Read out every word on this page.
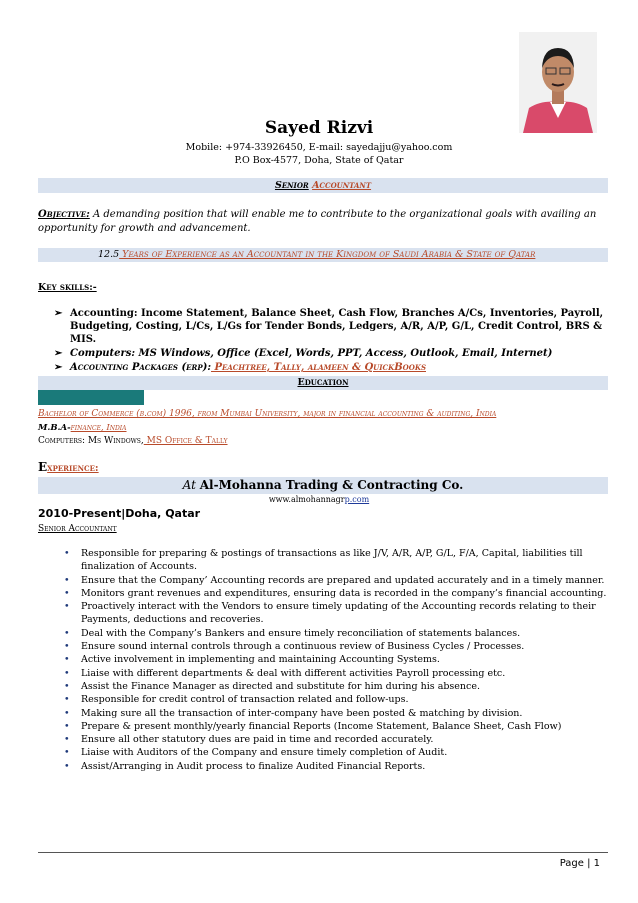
Sayed Rizvi
Mobile: +974-33926450, E-mail: sayedajju@yahoo.com
P.O Box-4577, Doha, State of Qatar
Senior Accountant
Objective: A demanding position that will enable me to contribute to the organizational goals with availing an opportunity for growth and advancement.
12.5 Years of Experience as an Accountant in the Kingdom of Saudi Arabia & State of Qatar
Key skills:-
➢ Accounting: Income Statement, Balance Sheet, Cash Flow, Branches A/Cs, Inventories, Payroll, Budgeting, Costing, L/Cs, L/Gs for Tender Bonds, Ledgers, A/R, A/P, G/L, Credit Control, BRS & MIS.
➢ Computers: MS Windows, Office (Excel, Words, PPT, Access, Outlook, Email, Internet)
➢ Accounting Packages (erp): Peachtree, Tally, alameen & QuickBooks
Education
Bachelor of Commerce (b.com) 1996, from Mumbai University, major in financial accounting & auditing, India
M.B.A-finance, India
Computers: Ms Windows, MS Office & Tally
Experience:
At Al-Mohanna Trading & Contracting Co.
www.almohannagrp.com
2010-Present|Doha, Qatar
Senior Accountant
• Responsible for preparing & postings of transactions as like J/V, A/R, A/P, G/L, F/A, Capital, liabilities till finalization of Accounts.
• Ensure that the Company’ Accounting records are prepared and updated accurately and in a timely manner.
• Monitors grant revenues and expenditures, ensuring data is recorded in the company’s financial accounting.
• Proactively interact with the Vendors to ensure timely updating of the Accounting records relating to their Payments, deductions and recoveries.
• Deal with the Company’s Bankers and ensure timely reconciliation of statements balances.
• Ensure sound internal controls through a continuous review of Business Cycles / Processes.
• Active involvement in implementing and maintaining Accounting Systems.
• Liaise with different departments & deal with different activities Payroll processing etc.
• Assist the Finance Manager as directed and substitute for him during his absence.
• Responsible for credit control of transaction related and follow-ups.
• Making sure all the transaction of inter-company have been posted & matching by division.
• Prepare & present monthly/yearly financial Reports (Income Statement, Balance Sheet, Cash Flow)
• Ensure all other statutory dues are paid in time and recorded accurately.
• Liaise with Auditors of the Company and ensure timely completion of Audit.
• Assist/Arranging in Audit process to finalize Audited Financial Reports.
Page | 1
